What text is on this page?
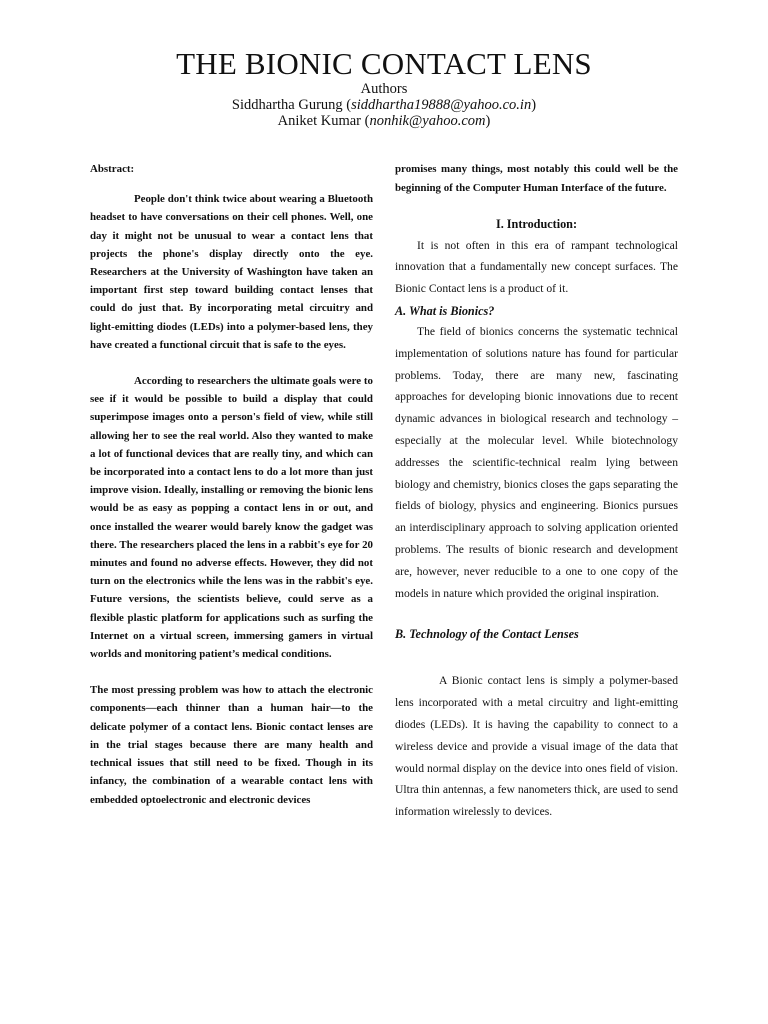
THE BIONIC CONTACT LENS
Authors
Siddhartha Gurung (siddhartha19888@yahoo.co.in)
Aniket Kumar (nonhik@yahoo.com)

Abstract:

People don't think twice about wearing a Bluetooth headset to have conversations on their cell phones. Well, one day it might not be unusual to wear a contact lens that projects the phone's display directly onto the eye. Researchers at the University of Washington have taken an important first step toward building contact lenses that could do just that. By incorporating metal circuitry and light-emitting diodes (LEDs) into a polymer-based lens, they have created a functional circuit that is safe to the eyes.

According to researchers the ultimate goals were to see if it would be possible to build a display that could superimpose images onto a person's field of view, while still allowing her to see the real world. Also they wanted to make a lot of functional devices that are really tiny, and which can be incorporated into a contact lens to do a lot more than just improve vision. Ideally, installing or removing the bionic lens would be as easy as popping a contact lens in or out, and once installed the wearer would barely know the gadget was there. The researchers placed the lens in a rabbit's eye for 20 minutes and found no adverse effects. However, they did not turn on the electronics while the lens was in the rabbit's eye. Future versions, the scientists believe, could serve as a flexible plastic platform for applications such as surfing the Internet on a virtual screen, immersing gamers in virtual worlds and monitoring patient’s medical conditions.

The most pressing problem was how to attach the electronic components—each thinner than a human hair—to the delicate polymer of a contact lens. Bionic contact lenses are in the trial stages because there are many health and technical issues that still need to be fixed. Though in its infancy, the combination of a wearable contact lens with embedded optoelectronic and electronic devices

promises many things, most notably this could well be the beginning of the Computer Human Interface of the future.

I. Introduction:

It is not often in this era of rampant technological innovation that a fundamentally new concept surfaces. The Bionic Contact lens is a product of it.

A. What is Bionics?

The field of bionics concerns the systematic technical implementation of solutions nature has found for particular problems. Today, there are many new, fascinating approaches for developing bionic innovations due to recent dynamic advances in biological research and technology – especially at the molecular level. While biotechnology addresses the scientific-technical realm lying between biology and chemistry, bionics closes the gaps separating the fields of biology, physics and engineering. Bionics pursues an interdisciplinary approach to solving application oriented problems. The results of bionic research and development are, however, never reducible to a one to one copy of the models in nature which provided the original inspiration.

B. Technology of the Contact Lenses

A Bionic contact lens is simply a polymer-based lens incorporated with a metal circuitry and light-emitting diodes (LEDs). It is having the capability to connect to a wireless device and provide a visual image of the data that would normal display on the device into ones field of vision. Ultra thin antennas, a few nanometers thick, are used to send information wirelessly to devices.
